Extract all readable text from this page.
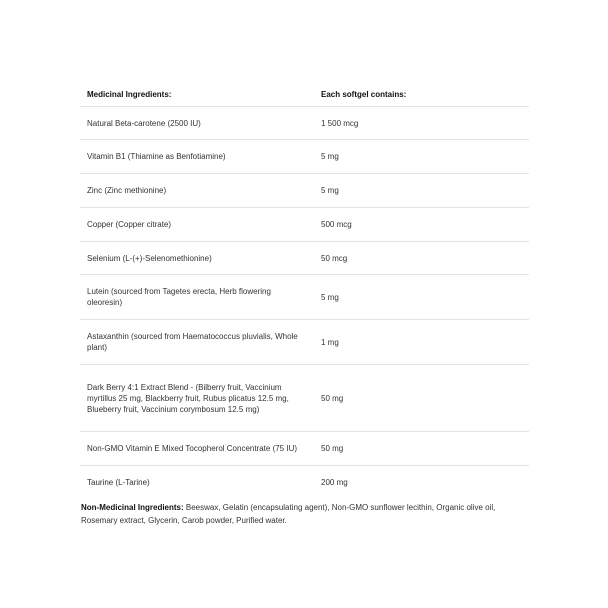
Medicinal Ingredients:	Each softgel contains:
Natural Beta-carotene (2500 IU)	1 500 mcg
Vitamin B1 (Thiamine as Benfotiamine)	5 mg
Zinc (Zinc methionine)	5 mg
Copper (Copper citrate)	500 mcg
Selenium (L-(+)-Selenomethionine)	50 mcg
Lutein (sourced from Tagetes erecta, Herb flowering oleoresin)	5 mg
Astaxanthin (sourced from Haematococcus pluvialis, Whole plant)	1 mg
Dark Berry 4:1 Extract Blend - (Bilberry fruit, Vaccinium myrtillus 25 mg, Blackberry fruit, Rubus plicatus 12.5 mg, Blueberry fruit, Vaccinium corymbosum 12.5 mg)	50 mg
Non-GMO Vitamin E Mixed Tocopherol Concentrate (75 IU)	50 mg
Taurine (L-Tarine)	200 mg

Non-Medicinal Ingredients: Beeswax, Gelatin (encapsulating agent), Non-GMO sunflower lecithin, Organic olive oil, Rosemary extract, Glycerin, Carob powder, Purified water.
